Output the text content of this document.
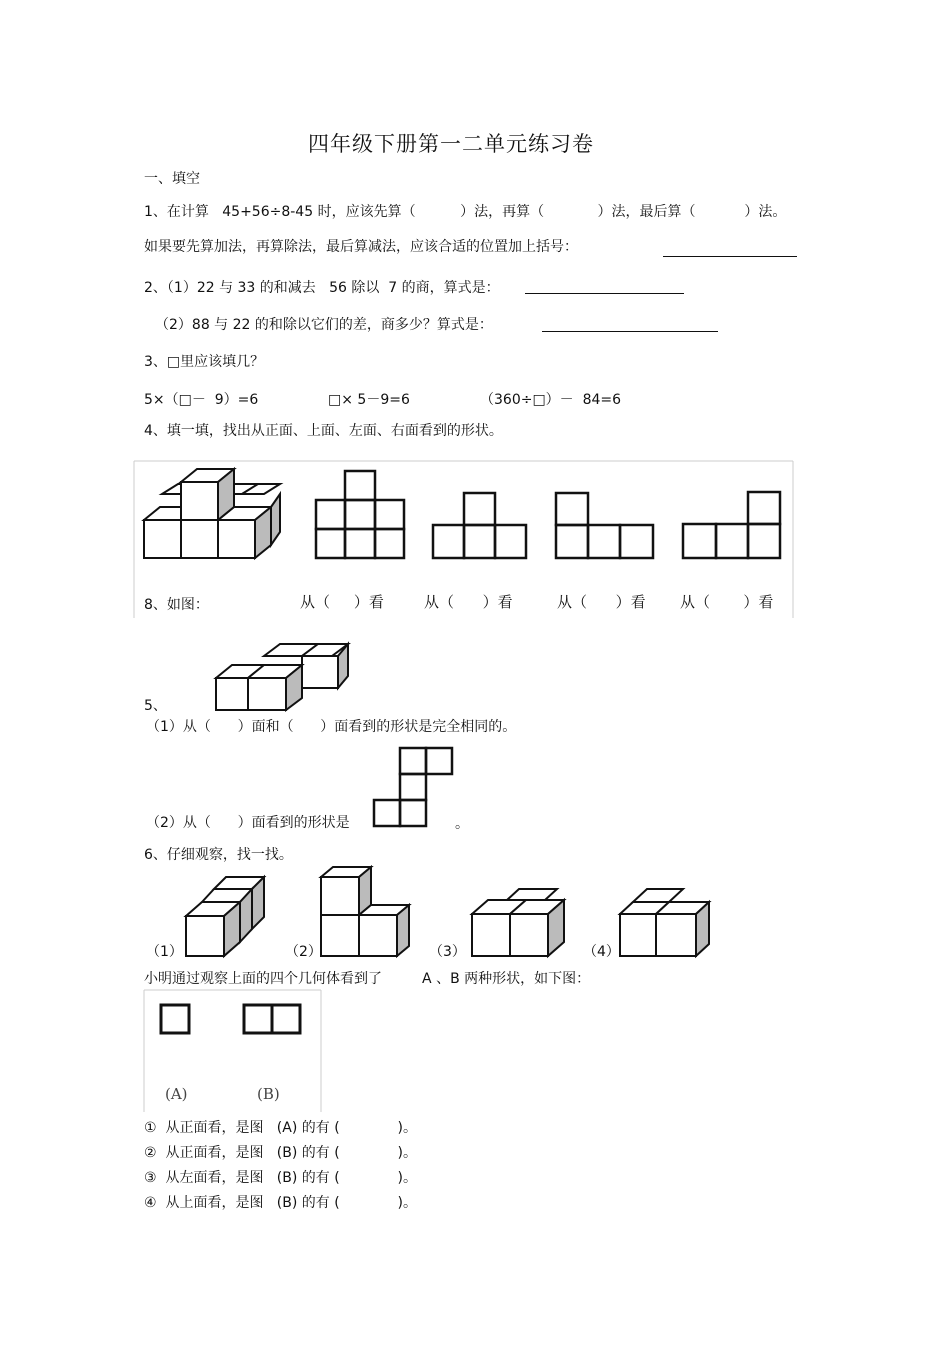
四年级下册第一二单元练习卷
一、填空
1、在计算   45+56÷8-45 时，应该先算（          ）法，再算（            ）法，最后算（           ）法。
如果要先算加法，再算除法，最后算减法，应该合适的位置加上括号：
2、（1）22 与 33 的和减去   56 除以  7 的商，算式是：
（2）88 与 22 的和除以它们的差，商多少？算式是：
3、□里应该填几？
5×（□－  9）=6	□× 5－9=6	（360÷□）－  84=6
4、填一填，找出从正面、上面、左面、右面看到的形状。
8、如图：	从（     ）看	从（      ）看	从（      ）看 从（       ）看
5、
（1）从（      ）面和（      ）面看到的形状是完全相同的。
（2）从（      ）面看到的形状是	。
6、仔细观察，找一找。
（1）	（2）	（3）	（4）
小明通过观察上面的四个几何体看到了         A 、B 两种形状，如下图：
(A)	(B)
①  从正面看，是图   (A) 的有 (             )。
②  从正面看，是图   (B) 的有 (             )。
③  从左面看，是图   (B) 的有 (             )。
④  从上面看，是图   (B) 的有 (             )。
